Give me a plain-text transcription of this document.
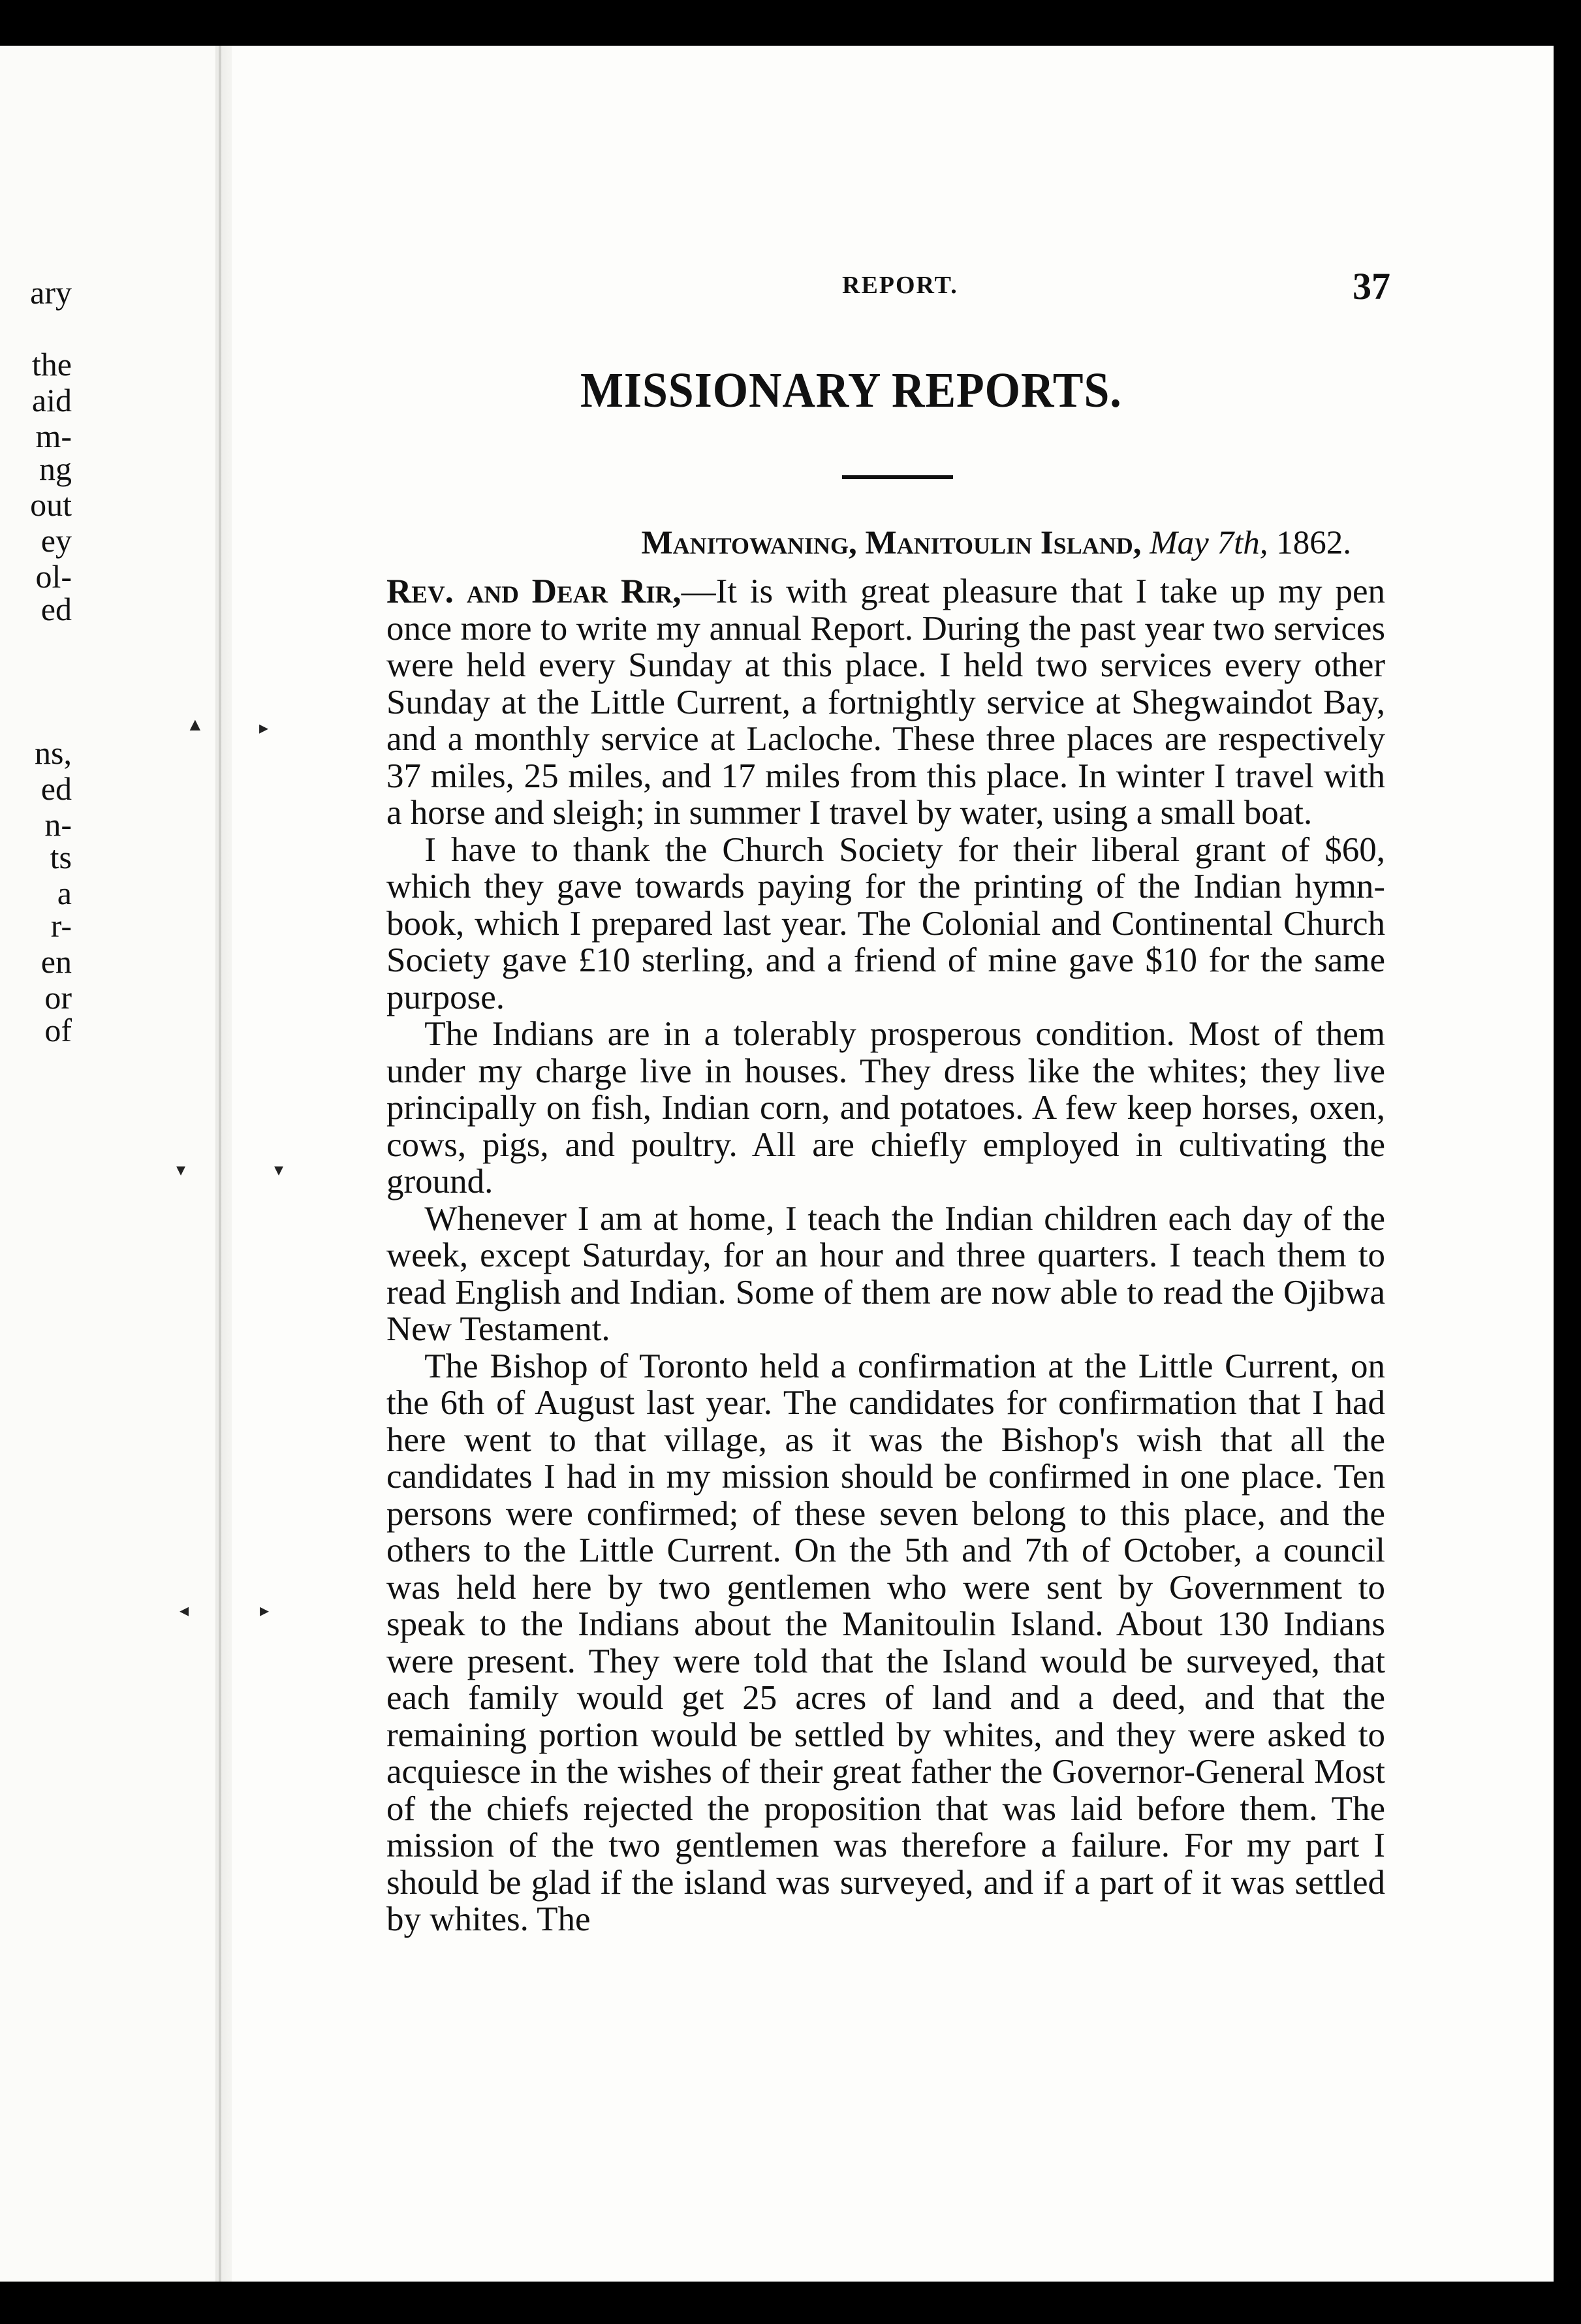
ary
the
aid
m-
ng
out
ey
ol-
ed
ns,
ed
n-
ts
a
r-
en
or
of
REPORT.	37
MISSIONARY REPORTS.
Manitowaning, Manitoulin Island, May 7th, 1862.

Rev. and Dear Rir,—It is with great pleasure that I take up my pen once more to write my annual Report. During the past year two services were held every Sunday at this place. I held two services every other Sunday at the Little Current, a fortnightly service at Shegwaindot Bay, and a monthly service at Lacloche. These three places are respectively 37 miles, 25 miles, and 17 miles from this place. In winter I travel with a horse and sleigh; in summer I travel by water, using a small boat.

I have to thank the Church Society for their liberal grant of $60, which they gave towards paying for the printing of the Indian hymn-book, which I prepared last year. The Colonial and Continental Church Society gave £10 sterling, and a friend of mine gave $10 for the same purpose.

The Indians are in a tolerably prosperous condition. Most of them under my charge live in houses. They dress like the whites; they live principally on fish, Indian corn, and potatoes. A few keep horses, oxen, cows, pigs, and poultry. All are chiefly employed in cultivating the ground.

Whenever I am at home, I teach the Indian children each day of the week, except Saturday, for an hour and three quarters. I teach them to read English and Indian. Some of them are now able to read the Ojibwa New Testament.

The Bishop of Toronto held a confirmation at the Little Current, on the 6th of August last year. The candidates for confirmation that I had here went to that village, as it was the Bishop's wish that all the candidates I had in my mission should be confirmed in one place. Ten persons were confirmed; of these seven belong to this place, and the others to the Little Current. On the 5th and 7th of October, a council was held here by two gentlemen who were sent by Government to speak to the Indians about the Manitoulin Island. About 130 Indians were present. They were told that the Island would be surveyed, that each family would get 25 acres of land and a deed, and that the remaining portion would be settled by whites, and they were asked to acquiesce in the wishes of their great father the Governor-General Most of the chiefs rejected the proposition that was laid before them. The mission of the two gentlemen was therefore a failure. For my part I should be glad if the island was surveyed, and if a part of it was settled by whites. The

▲	▸
▾	▾
◂	▸
